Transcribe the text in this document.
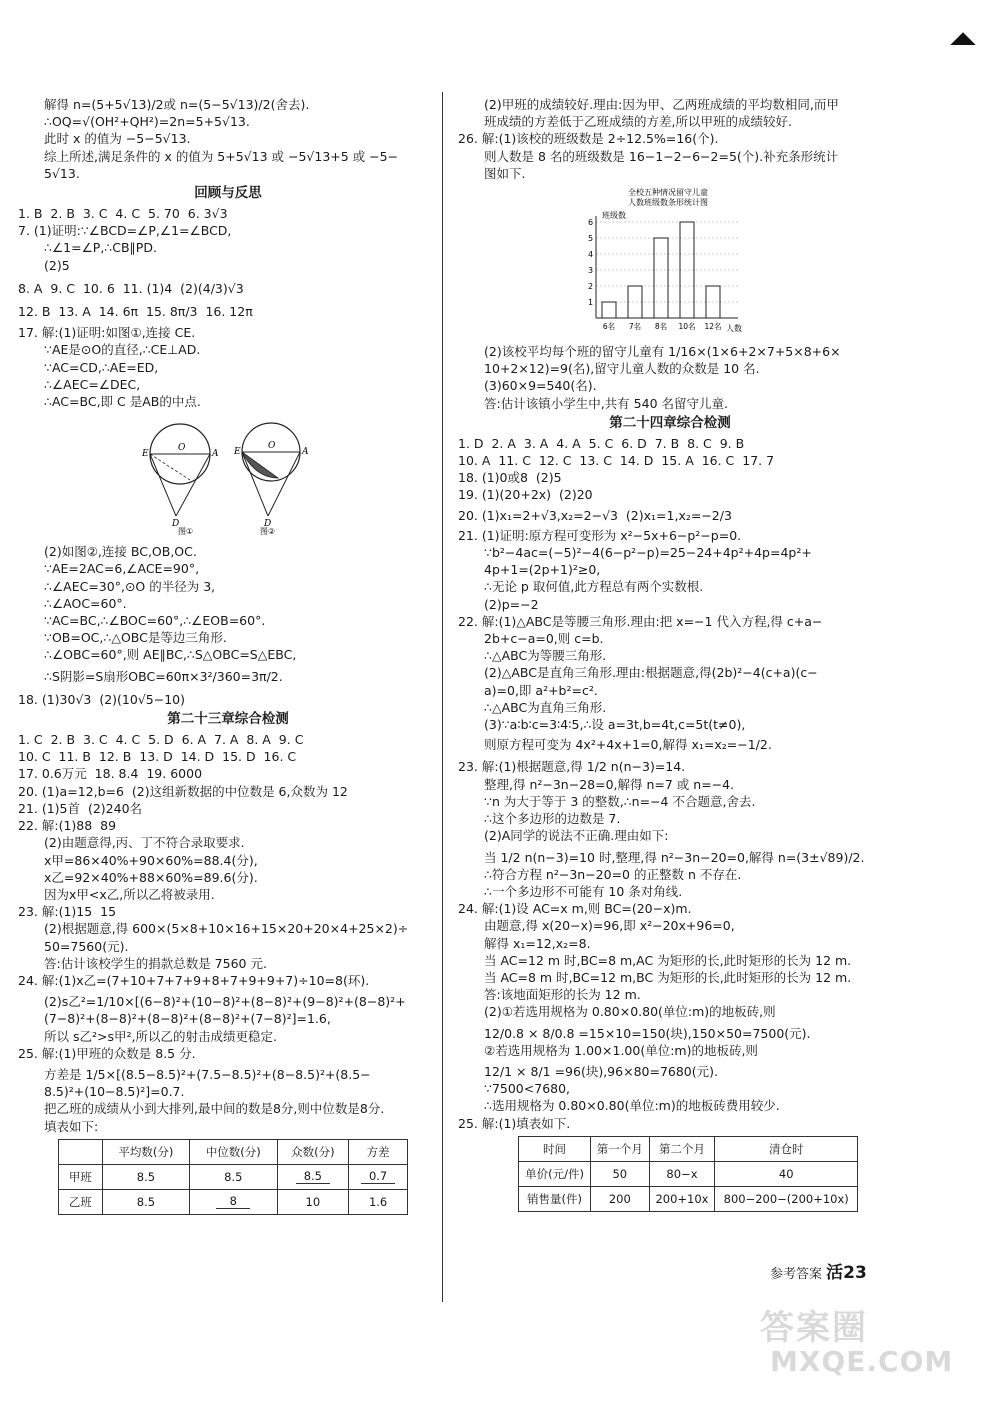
解得 n=(5+5√13)/2或 n=(5−5√13)/2(舍去).
∴OQ=√(OH²+QH²)=2n=5+5√13.
此时 x 的值为 −5−5√13.
综上所述,满足条件的 x 的值为 5+5√13 或 −5√13+5 或 −5−
5√13.
回顾与反思
1. B  2. B  3. C  4. C  5. 70  6. 3√3
7. (1)证明:∵∠BCD=∠P,∠1=∠BCD,
∴∠1=∠P,∴CB∥PD.
(2)5
8. A  9. C  10. 6  11. (1)4  (2)(4/3)√3
12. B  13. A  14. 6π  15. 8π/3  16. 12π
17. 解:(1)证明:如图①,连接 CE.
∵AE是⊙O的直径,∴CE⊥AD.
∵AC=CD,∴AE=ED,
∴∠AEC=∠DEC,
∴AC=BC,即 C 是AB的中点.
E	A
O
D
E	A
O
D
图①	图②
(2)如图②,连接 BC,OB,OC.
∵AE=2AC=6,∠ACE=90°,
∴∠AEC=30°,⊙O 的半径为 3,
∴∠AOC=60°.
∵AC=BC,∴∠BOC=60°,∴∠EOB=60°.
∵OB=OC,∴△OBC是等边三角形.
∴∠OBC=60°,则 AE∥BC,∴S△OBC=S△EBC,
∴S阴影=S扇形OBC=60π×3²/360=3π/2.
18. (1)30√3  (2)(10√5−10)
第二十三章综合检测
1. C  2. B  3. C  4. C  5. D  6. A  7. A  8. A  9. C
10. C  11. B  12. B  13. D  14. D  15. D  16. C
17. 0.6万元  18. 8.4  19. 6000
20. (1)a=12,b=6  (2)这组新数据的中位数是 6,众数为 12
21. (1)5首  (2)240名
22. 解:(1)88  89
(2)由题意得,丙、丁不符合录取要求.
x甲=86×40%+90×60%=88.4(分),
x乙=92×40%+88×60%=89.6(分).
因为x甲<x乙,所以乙将被录用.
23. 解:(1)15  15
(2)根据题意,得 600×(5×8+10×16+15×20+20×4+25×2)÷
50=7560(元).
答:估计该校学生的捐款总数是 7560 元.
24. 解:(1)x乙=(7+10+7+7+9+8+7+9+9+7)÷10=8(环).
(2)s乙²=1/10×[(6−8)²+(10−8)²+(8−8)²+(9−8)²+(8−8)²+
(7−8)²+(8−8)²+(8−8)²+(8−8)²+(7−8)²]=1.6,
所以 s乙²>s甲²,所以乙的射击成绩更稳定.
25. 解:(1)甲班的众数是 8.5 分.
方差是 1/5×[(8.5−8.5)²+(7.5−8.5)²+(8−8.5)²+(8.5−
8.5)²+(10−8.5)²]=0.7.
把乙班的成绩从小到大排列,最中间的数是8分,则中位数是8分.
填表如下:
	平均数(分)	中位数(分)	众数(分)	方差
甲班	8.5	8.5	8.5	0.7
乙班	8.5	8	10	1.6
(2)甲班的成绩较好.理由:因为甲、乙两班成绩的平均数相同,而甲
班成绩的方差低于乙班成绩的方差,所以甲班的成绩较好.
26. 解:(1)该校的班级数是 2÷12.5%=16(个).
则人数是 8 名的班级数是 16−1−2−6−2=5(个).补充条形统计
图如下.
全校五种情况留守儿童
人数班级数条形统计图
班级数
1
2
3
4
5
6
6名 7名 8名 10名 12名 人数
(2)该校平均每个班的留守儿童有 1/16×(1×6+2×7+5×8+6×
10+2×12)=9(名),留守儿童人数的众数是 10 名.
(3)60×9=540(名).
答:估计该镇小学生中,共有 540 名留守儿童.
第二十四章综合检测
1. D  2. A  3. A  4. A  5. C  6. D  7. B  8. C  9. B
10. A  11. C  12. C  13. C  14. D  15. A  16. C  17. 7
18. (1)0或8  (2)5
19. (1)(20+2x)  (2)20
20. (1)x₁=2+√3,x₂=2−√3  (2)x₁=1,x₂=−2/3
21. (1)证明:原方程可变形为 x²−5x+6−p²−p=0.
∵b²−4ac=(−5)²−4(6−p²−p)=25−24+4p²+4p=4p²+
4p+1=(2p+1)²≥0,
∴无论 p 取何值,此方程总有两个实数根.
(2)p=−2
22. 解:(1)△ABC是等腰三角形.理由:把 x=−1 代入方程,得 c+a−
2b+c−a=0,则 c=b.
∴△ABC为等腰三角形.
(2)△ABC是直角三角形.理由:根据题意,得(2b)²−4(c+a)(c−
a)=0,即 a²+b²=c².
∴△ABC为直角三角形.
(3)∵a∶b∶c=3∶4∶5,∴设 a=3t,b=4t,c=5t(t≠0),
则原方程可变为 4x²+4x+1=0,解得 x₁=x₂=−1/2.
23. 解:(1)根据题意,得 1/2 n(n−3)=14.
整理,得 n²−3n−28=0,解得 n=7 或 n=−4.
∵n 为大于等于 3 的整数,∴n=−4 不合题意,舍去.
∴这个多边形的边数是 7.
(2)A同学的说法不正确.理由如下:
当 1/2 n(n−3)=10 时,整理,得 n²−3n−20=0,解得 n=(3±√89)/2.
∴符合方程 n²−3n−20=0 的正整数 n 不存在.
∴一个多边形不可能有 10 条对角线.
24. 解:(1)设 AC=x m,则 BC=(20−x)m.
由题意,得 x(20−x)=96,即 x²−20x+96=0,
解得 x₁=12,x₂=8.
当 AC=12 m 时,BC=8 m,AC 为矩形的长,此时矩形的长为 12 m.
当 AC=8 m 时,BC=12 m,BC 为矩形的长,此时矩形的长为 12 m.
答:该地面矩形的长为 12 m.
(2)①若选用规格为 0.80×0.80(单位:m)的地板砖,则
12/0.8 × 8/0.8 =15×10=150(块),150×50=7500(元).
②若选用规格为 1.00×1.00(单位:m)的地板砖,则
12/1 × 8/1 =96(块),96×80=7680(元).
∵7500<7680,
∴选用规格为 0.80×0.80(单位:m)的地板砖费用较少.
25. 解:(1)填表如下.
时间	第一个月	第二个月	清仓时
单价(元/件)	50	80−x	40
销售量(件)	200	200+10x	800−200−(200+10x)
参考答案 活23
答案圈
MXQE.COM
